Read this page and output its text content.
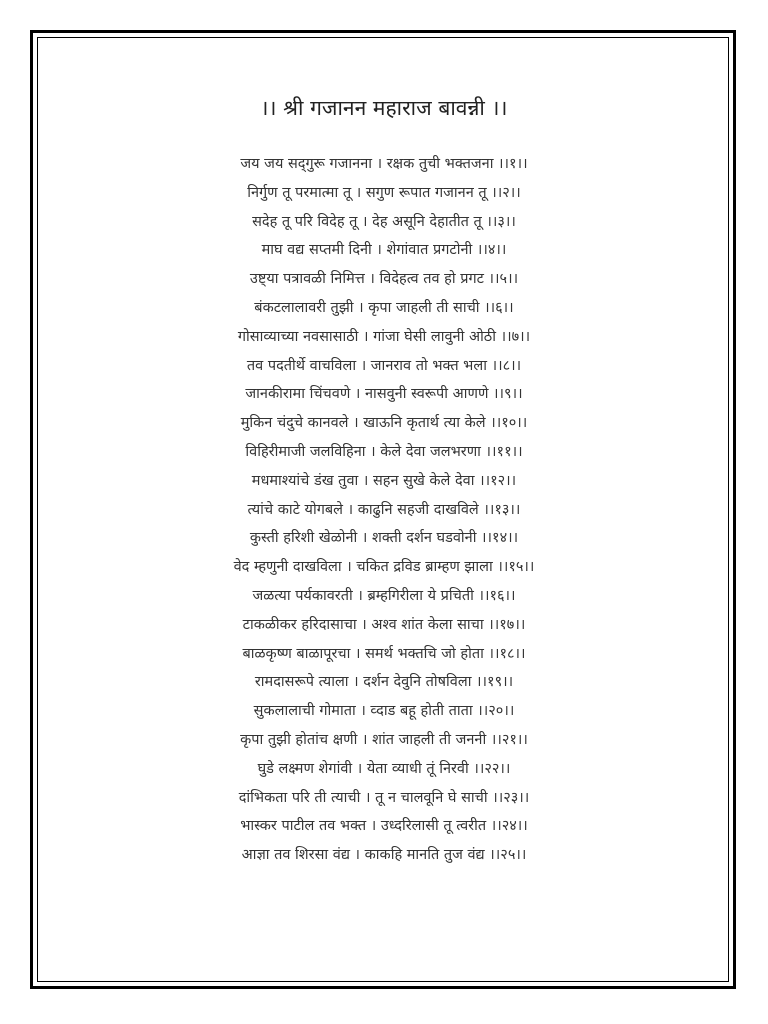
।। श्री गजानन महाराज बावन्नी ।।
जय जय सद्‌गुरू गजानना । रक्षक तुची भक्तजना ।।१।।
निर्गुण तू परमात्मा तू । सगुण रूपात गजानन तू ।।२।।
सदेह तू परि विदेह तू । देह असूनि देहातीत तू ।।३।।
माघ वद्य सप्तमी दिनी । शेगांवात प्रगटोनी ।।४।।
उष्ट्या पत्रावळी निमित्त । विदेहत्व तव हो प्रगट ।।५।।
बंकटलालावरी तुझी । कृपा जाहली ती साची ।।६।।
गोसाव्याच्या नवसासाठी । गांजा घेसी लावुनी ओठी ।।७।।
तव पदतीर्थे वाचविला । जानराव तो भक्त भला ।।८।।
जानकीरामा चिंचवणे । नासवुनी स्वरूपी आणणे ।।९।।
मुकिन चंदुचे कानवले । खाऊनि कृतार्थ त्या केले ।।१०।।
विहिरीमाजी जलविहिना । केले देवा जलभरणा ।।११।।
मधमाश्यांचे डंख तुवा । सहन सुखे केले देवा ।।१२।।
त्यांचे काटे योगबले । काढुनि सहजी दाखविले ।।१३।।
कुस्ती हरिशी खेळोनी । शक्ती दर्शन घडवोनी ।।१४।।
वेद म्हणुनी दाखविला । चकित द्रविड ब्राम्हण झाला ।।१५।।
जळत्या पर्यकावरती । ब्रम्हगिरीला ये प्रचिती ।।१६।।
टाकळीकर हरिदासाचा । अश्व शांत केला साचा ।।१७।।
बाळकृष्ण बाळापूरचा । समर्थ भक्तचि जो होता ।।१८।।
रामदासरूपे त्याला । दर्शन देवुनि तोषविला ।।१९।।
सुकलालाची गोमाता । व्दाड बहू होती ताता ।।२०।।
कृपा तुझी होतांच क्षणी । शांत जाहली ती जननी ।।२१।।
घुडे लक्ष्मण शेगांवी । येता व्याधी तूं निरवी ।।२२।।
दांभिकता परि ती त्याची । तू न चालवूनि घे साची ।।२३।।
भास्कर पाटील तव भक्त । उध्दरिलासी तू त्वरीत ।।२४।।
आज्ञा तव शिरसा वंद्य । काकहि मानति तुज वंद्य ।।२५।।
